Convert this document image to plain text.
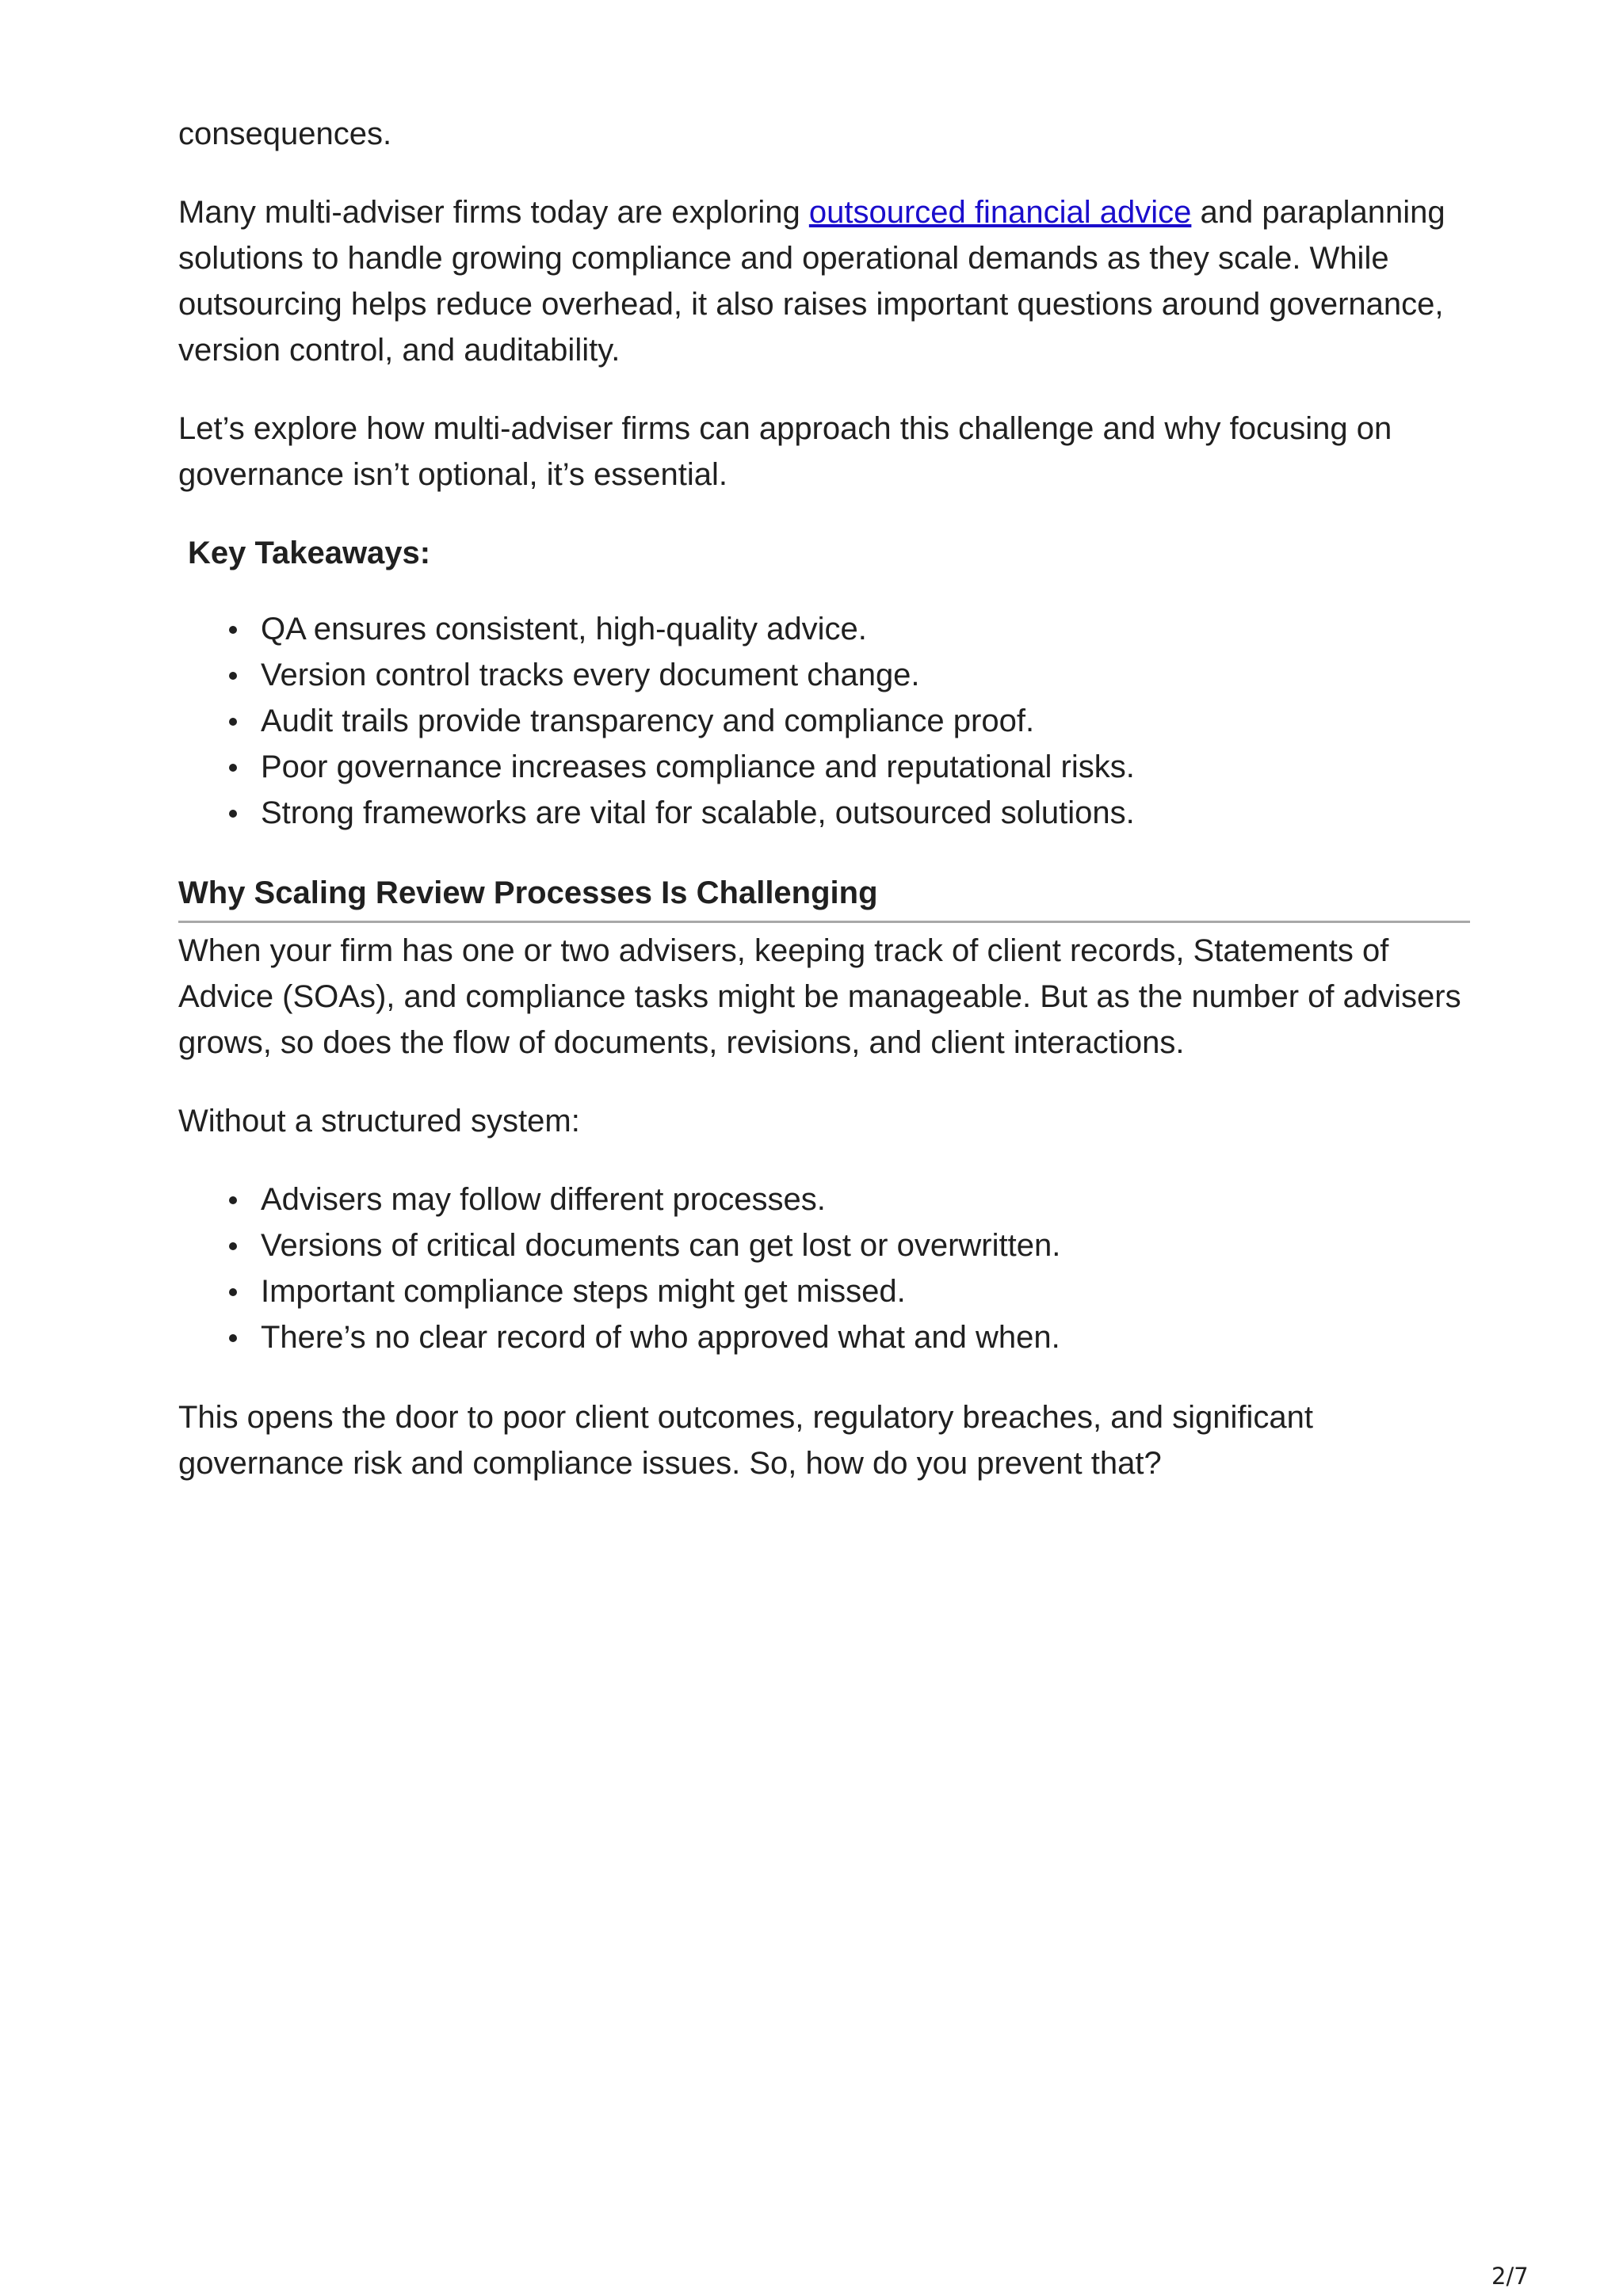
consequences.

Many multi-adviser firms today are exploring outsourced financial advice and paraplanning solutions to handle growing compliance and operational demands as they scale. While outsourcing helps reduce overhead, it also raises important questions around governance, version control, and auditability.

Let’s explore how multi-adviser firms can approach this challenge and why focusing on governance isn’t optional, it’s essential.

Key Takeaways:
QA ensures consistent, high-quality advice.
Version control tracks every document change.
Audit trails provide transparency and compliance proof.
Poor governance increases compliance and reputational risks.
Strong frameworks are vital for scalable, outsourced solutions.
Why Scaling Review Processes Is Challenging

When your firm has one or two advisers, keeping track of client records, Statements of Advice (SOAs), and compliance tasks might be manageable. But as the number of advisers grows, so does the flow of documents, revisions, and client interactions.

Without a structured system:

Advisers may follow different processes.
Versions of critical documents can get lost or overwritten.
Important compliance steps might get missed.
There’s no clear record of who approved what and when.

This opens the door to poor client outcomes, regulatory breaches, and significant governance risk and compliance issues. So, how do you prevent that?

2/7
